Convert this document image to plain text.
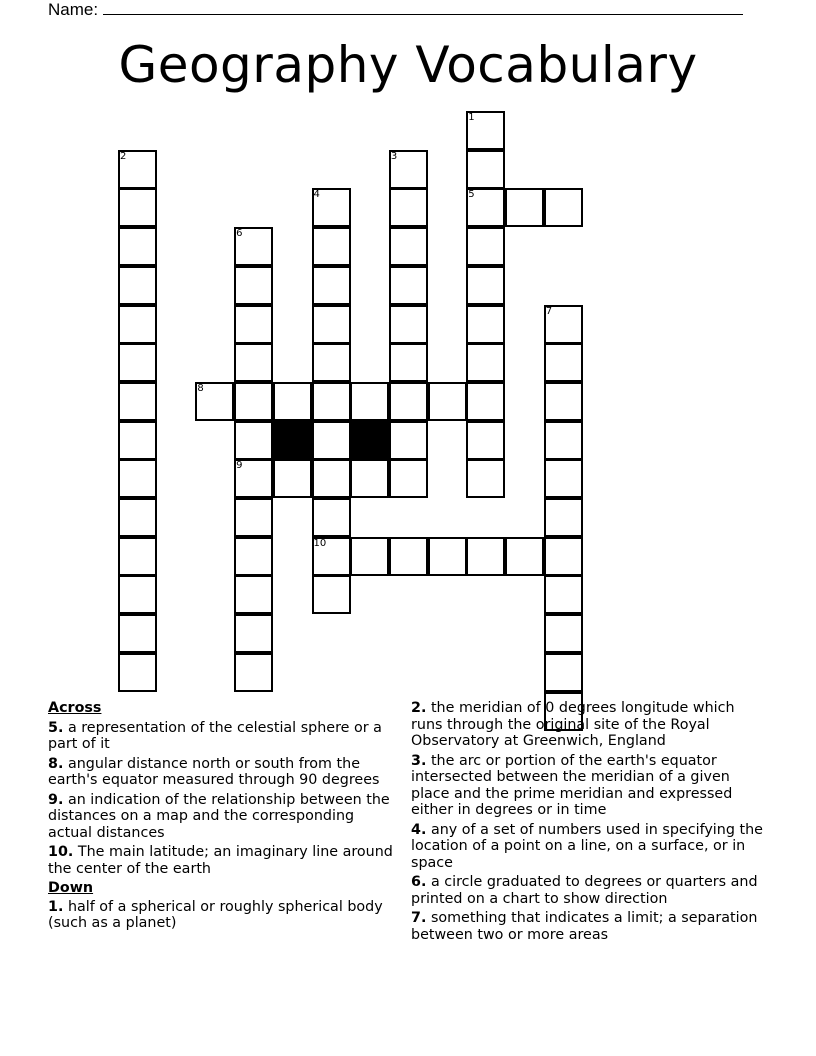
Name:
Geography Vocabulary
1
5
2	3
4
10
6
9
7
8
Across
5. a representation of the celestial sphere or a part of it
8. angular distance north or south from the earth's equator measured through 90 degrees
9. an indication of the relationship between the distances on a map and the corresponding actual distances
10. The main latitude; an imaginary line around the center of the earth
Down
1. half of a spherical or roughly spherical body (such as a planet)
2. the meridian of 0 degrees longitude which runs through the original site of the Royal Observatory at Greenwich, England
3. the arc or portion of the earth's equator intersected between the meridian of a given place and the prime meridian and expressed either in degrees or in time
4. any of a set of numbers used in specifying the location of a point on a line, on a surface, or in space
6. a circle graduated to degrees or quarters and printed on a chart to show direction
7. something that indicates a limit; a separation between two or more areas
